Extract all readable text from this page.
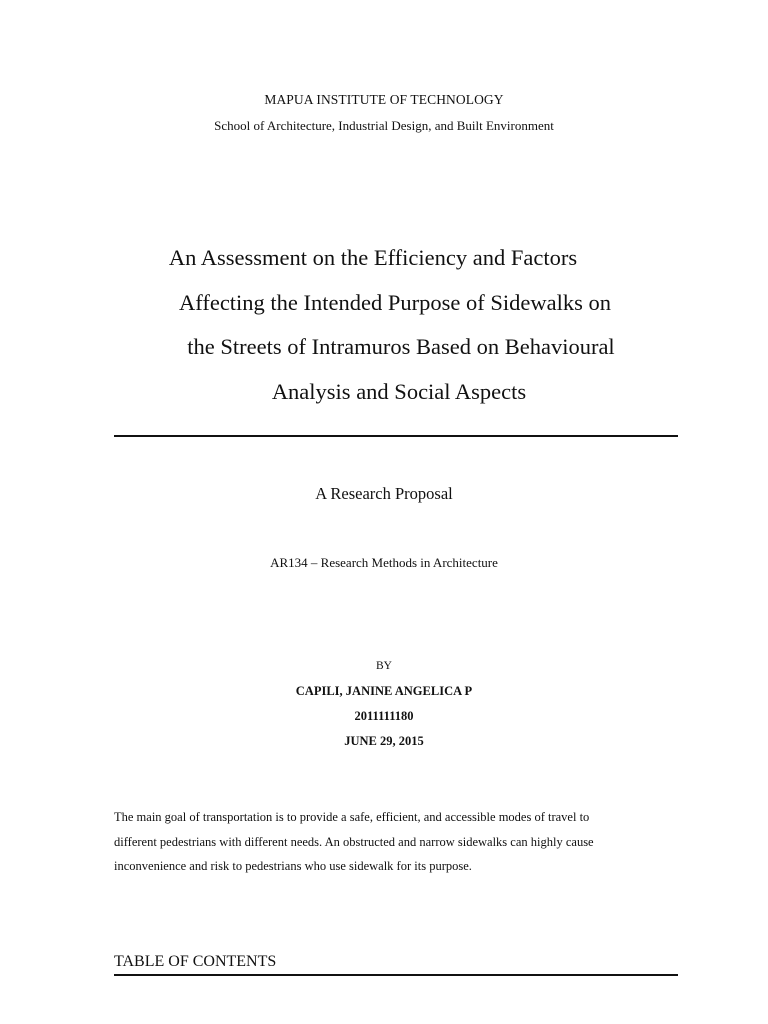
MAPUA INSTITUTE OF TECHNOLOGY
School of Architecture, Industrial Design, and Built Environment
An Assessment on the Efficiency and Factors
Affecting the Intended Purpose of Sidewalks on
the Streets of Intramuros Based on Behavioural
Analysis and Social Aspects
A Research Proposal
AR134 – Research Methods in Architecture
BY
CAPILI, JANINE ANGELICA P
2011111180
JUNE 29, 2015
The main goal of transportation is to provide a safe, efficient, and accessible modes of travel to
different pedestrians with different needs. An obstructed and narrow sidewalks can highly cause
inconvenience and risk to pedestrians who use sidewalk for its purpose.
TABLE OF CONTENTS
